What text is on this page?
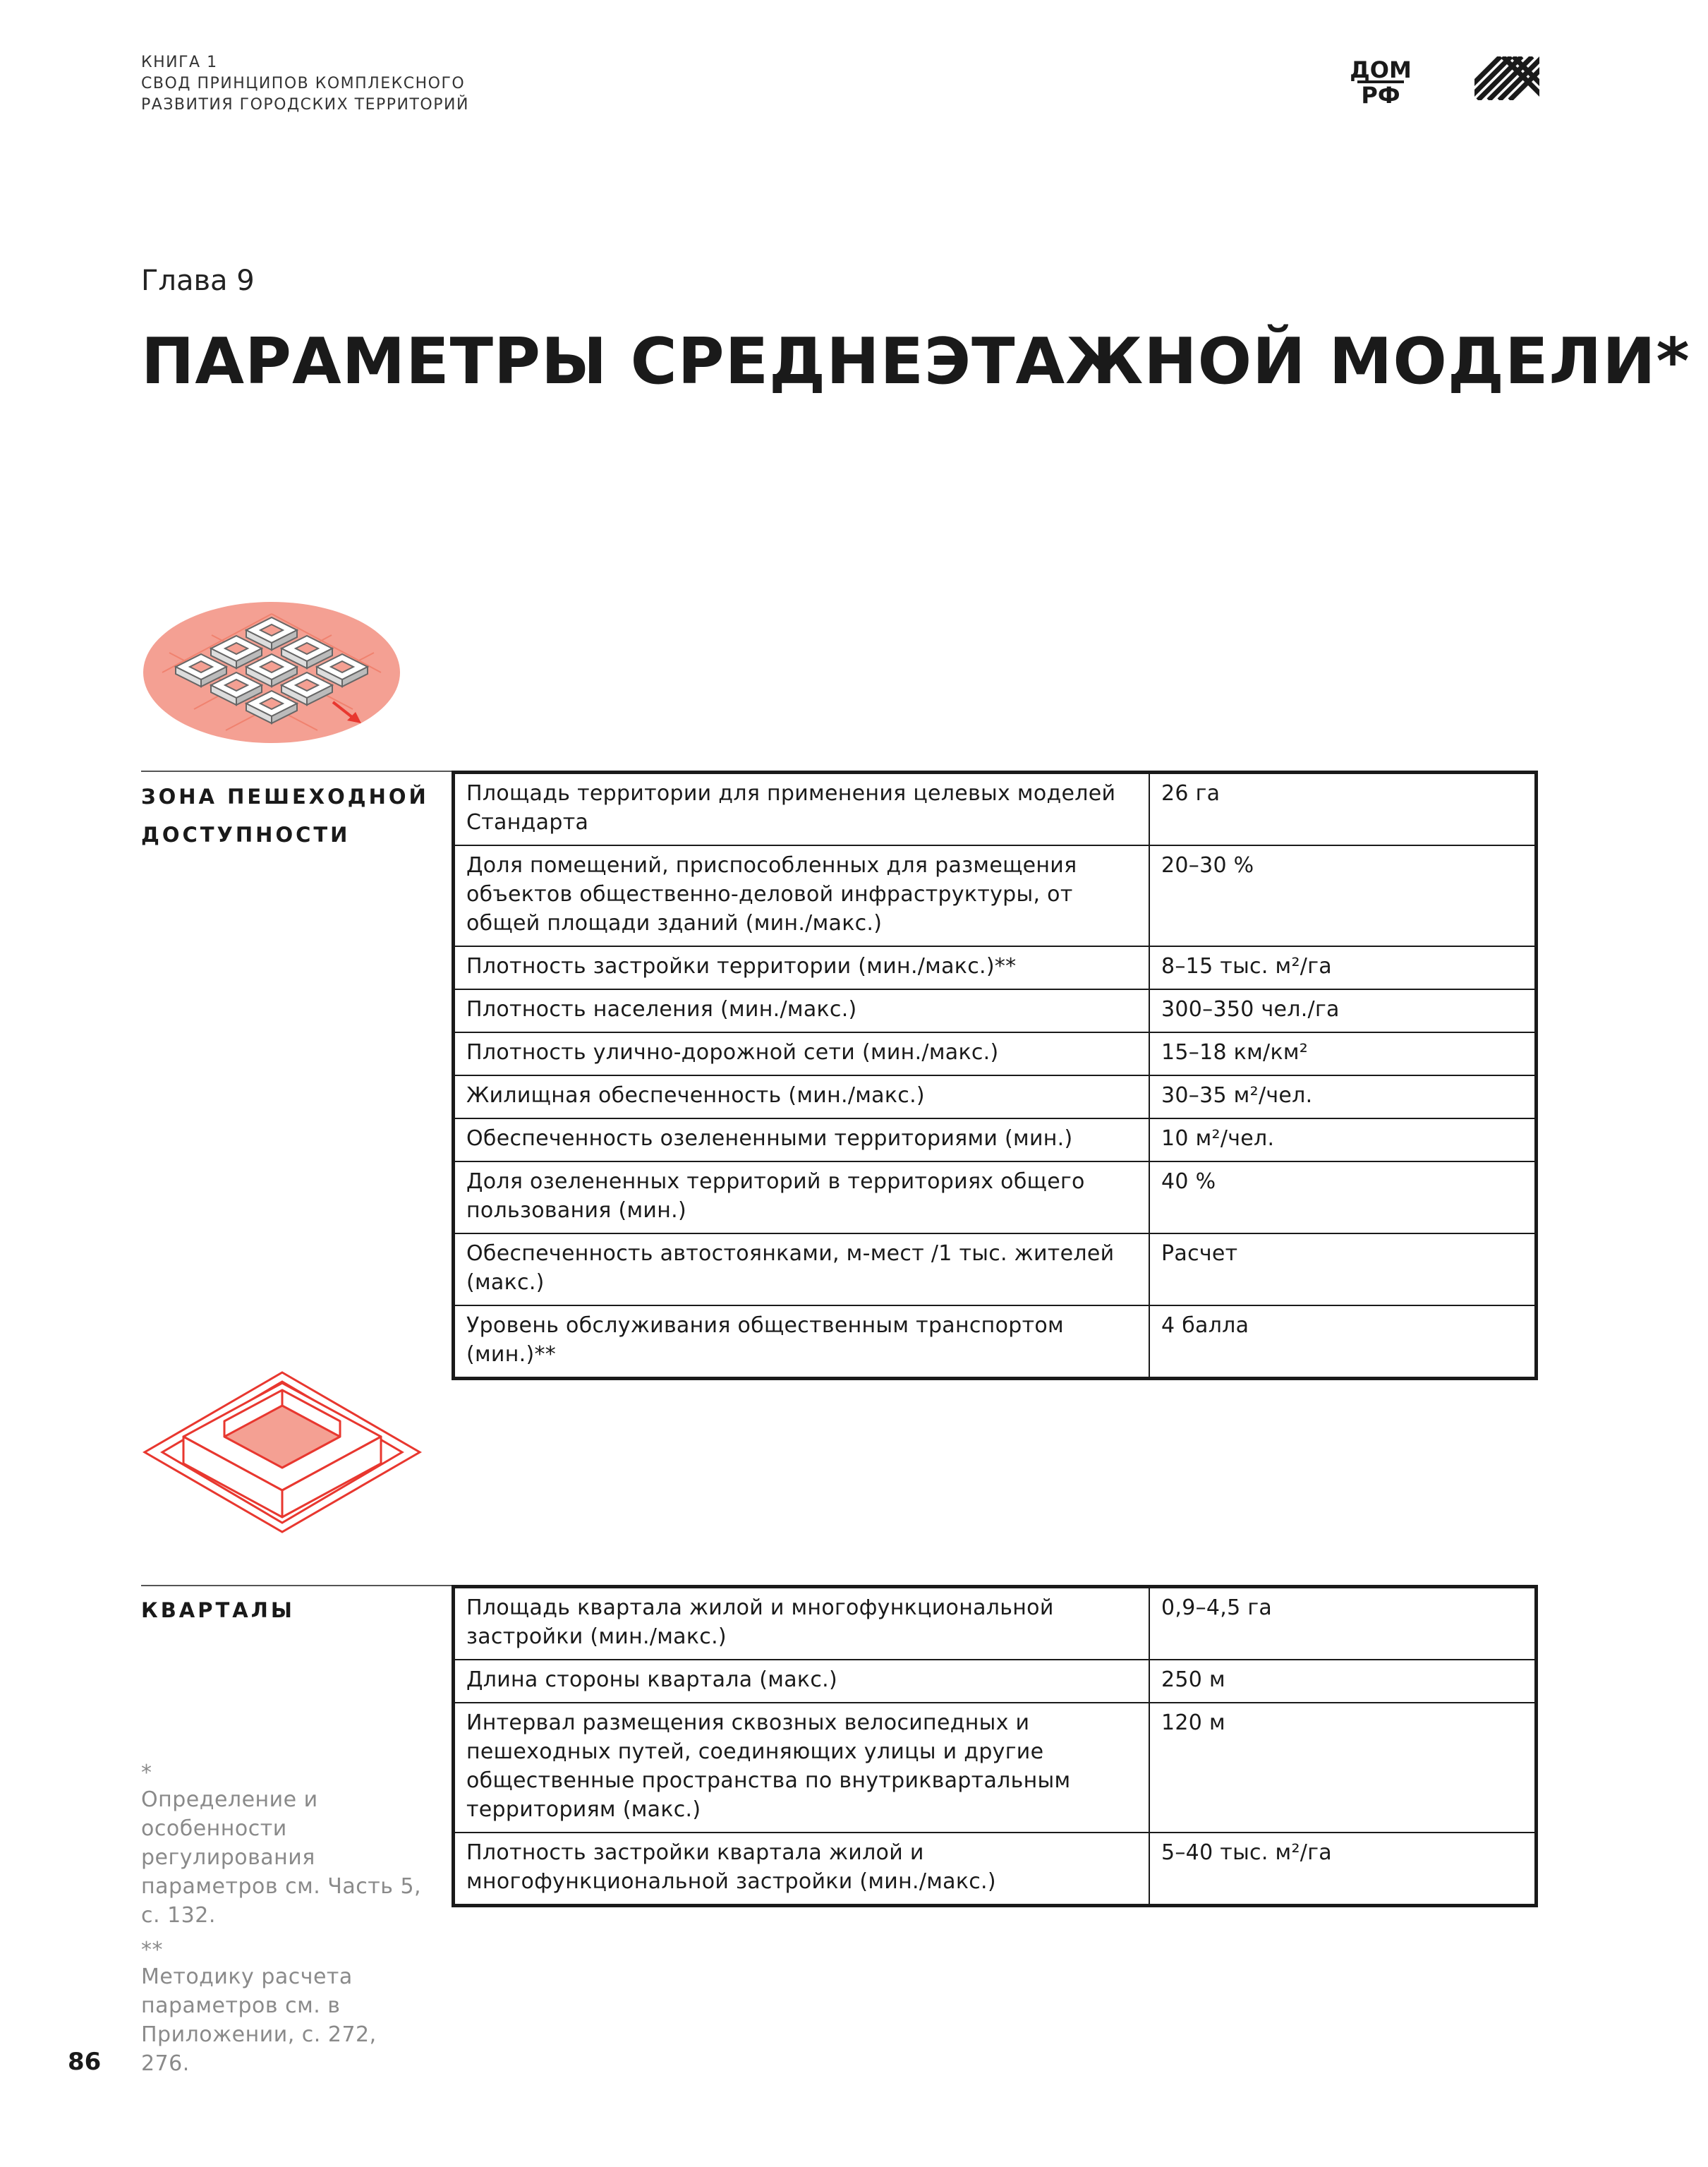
КНИГА 1
СВОД ПРИНЦИПОВ КОМПЛЕКСНОГО
РАЗВИТИЯ ГОРОДСКИХ ТЕРРИТОРИЙ
ДОМ
РФ
Глава 9
ПАРАМЕТРЫ СРЕДНЕЭТАЖНОЙ МОДЕЛИ*
ЗОНА ПЕШЕХОДНОЙ
ДОСТУПНОСТИ
Площадь территории для применения целевых моделей Стандарта	26 га
Доля помещений, приспособленных для размещения объектов общественно-деловой инфраструктуры, от общей площади зданий (мин./макс.)	20–30 %
Плотность застройки территории (мин./макс.)**	8–15 тыс. м²/га
Плотность населения (мин./макс.)	300–350 чел./га
Плотность улично-дорожной сети (мин./макс.)	15–18 км/км²
Жилищная обеспеченность (мин./макс.)	30–35 м²/чел.
Обеспеченность озелененными территориями (мин.)	10 м²/чел.
Доля озелененных территорий в территориях общего пользования (мин.)	40 %
Обеспеченность автостоянками, м-мест /1 тыс. жителей (макс.)	Расчет
Уровень обслуживания общественным транспортом (мин.)**	4 балла
КВАРТАЛЫ	Площадь квартала жилой и многофункциональной застройки (мин./макс.)	0,9–4,5 га
Длина стороны квартала (макс.)	250 м
Интервал размещения сквозных велосипедных и пешеходных путей, соединяющих улицы и другие общественные пространства по внутриквартальным территориям (макс.)	120 м
Плотность застройки квартала жилой и многофункциональной застройки (мин./макс.)	5–40 тыс. м²/га
*
Определение и особенности регулирования параметров см. Часть 5, с. 132.
**
Методику расчета параметров см. в Приложении, с. 272, 276.
86
